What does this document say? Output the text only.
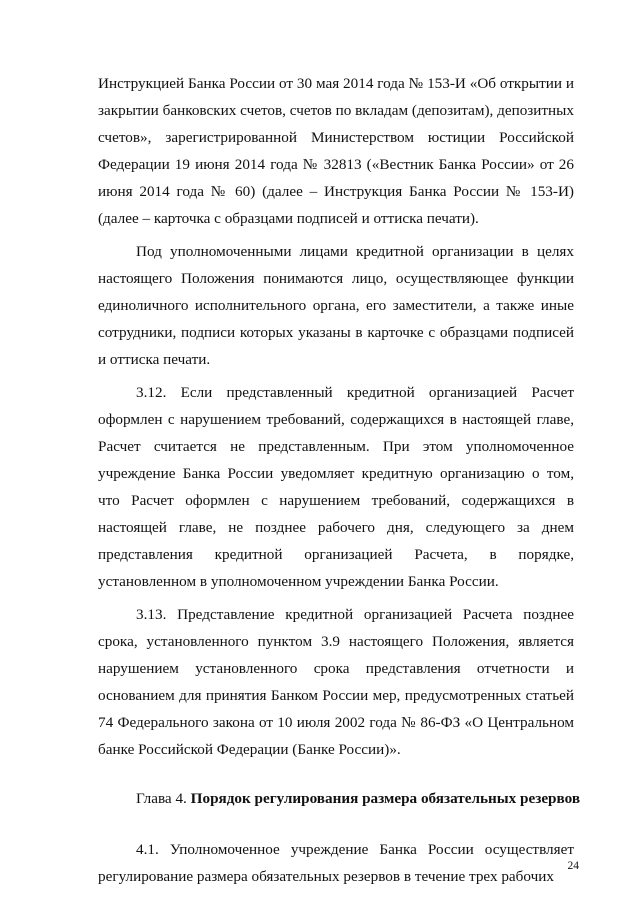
Инструкцией Банка России от 30 мая 2014 года № 153-И «Об открытии и закрытии банковских счетов, счетов по вкладам (депозитам), депозитных счетов», зарегистрированной Министерством юстиции Российской Федерации 19 июня 2014 года № 32813 («Вестник Банка России» от 26 июня 2014 года № 60) (далее – Инструкция Банка России № 153-И) (далее – карточка с образцами подписей и оттиска печати).

Под уполномоченными лицами кредитной организации в целях настоящего Положения понимаются лицо, осуществляющее функции единоличного исполнительного органа, его заместители, а также иные сотрудники, подписи которых указаны в карточке с образцами подписей и оттиска печати.

3.12. Если представленный кредитной организацией Расчет оформлен с нарушением требований, содержащихся в настоящей главе, Расчет считается не представленным. При этом уполномоченное учреждение Банка России уведомляет кредитную организацию о том, что Расчет оформлен с нарушением требований, содержащихся в настоящей главе, не позднее рабочего дня, следующего за днем представления кредитной организацией Расчета, в порядке, установленном в уполномоченном учреждении Банка России.

3.13. Представление кредитной организацией Расчета позднее срока, установленного пунктом 3.9 настоящего Положения, является нарушением установленного срока представления отчетности и основанием для принятия Банком России мер, предусмотренных статьей 74 Федерального закона от 10 июля 2002 года № 86-ФЗ «О Центральном банке Российской Федерации (Банке России)».

Глава 4. Порядок регулирования размера обязательных резервов

4.1. Уполномоченное учреждение Банка России осуществляет регулирование размера обязательных резервов в течение трех рабочих

24
